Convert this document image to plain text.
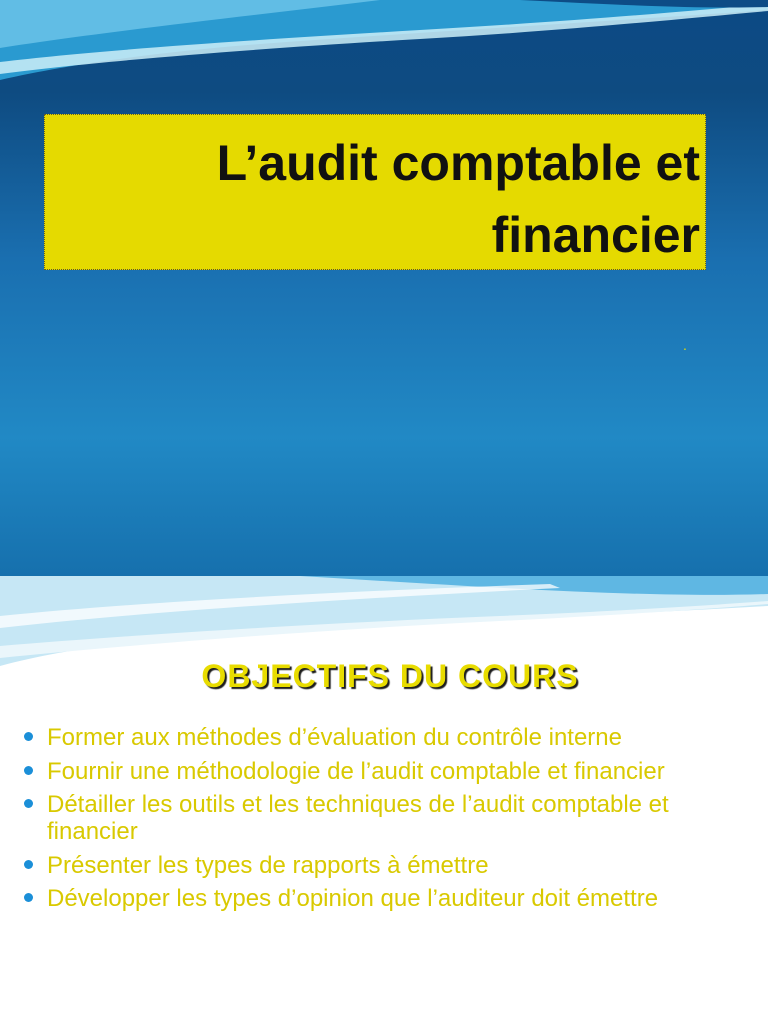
L’audit comptable et financier
.
OBJECTIFS DU COURS
Former aux méthodes d’évaluation du contrôle interne
Fournir une méthodologie de l’audit comptable et financier
Détailler les outils et les techniques de l’audit comptable et financier
Présenter les types de rapports à émettre
Développer les types d’opinion que l’auditeur doit émettre
